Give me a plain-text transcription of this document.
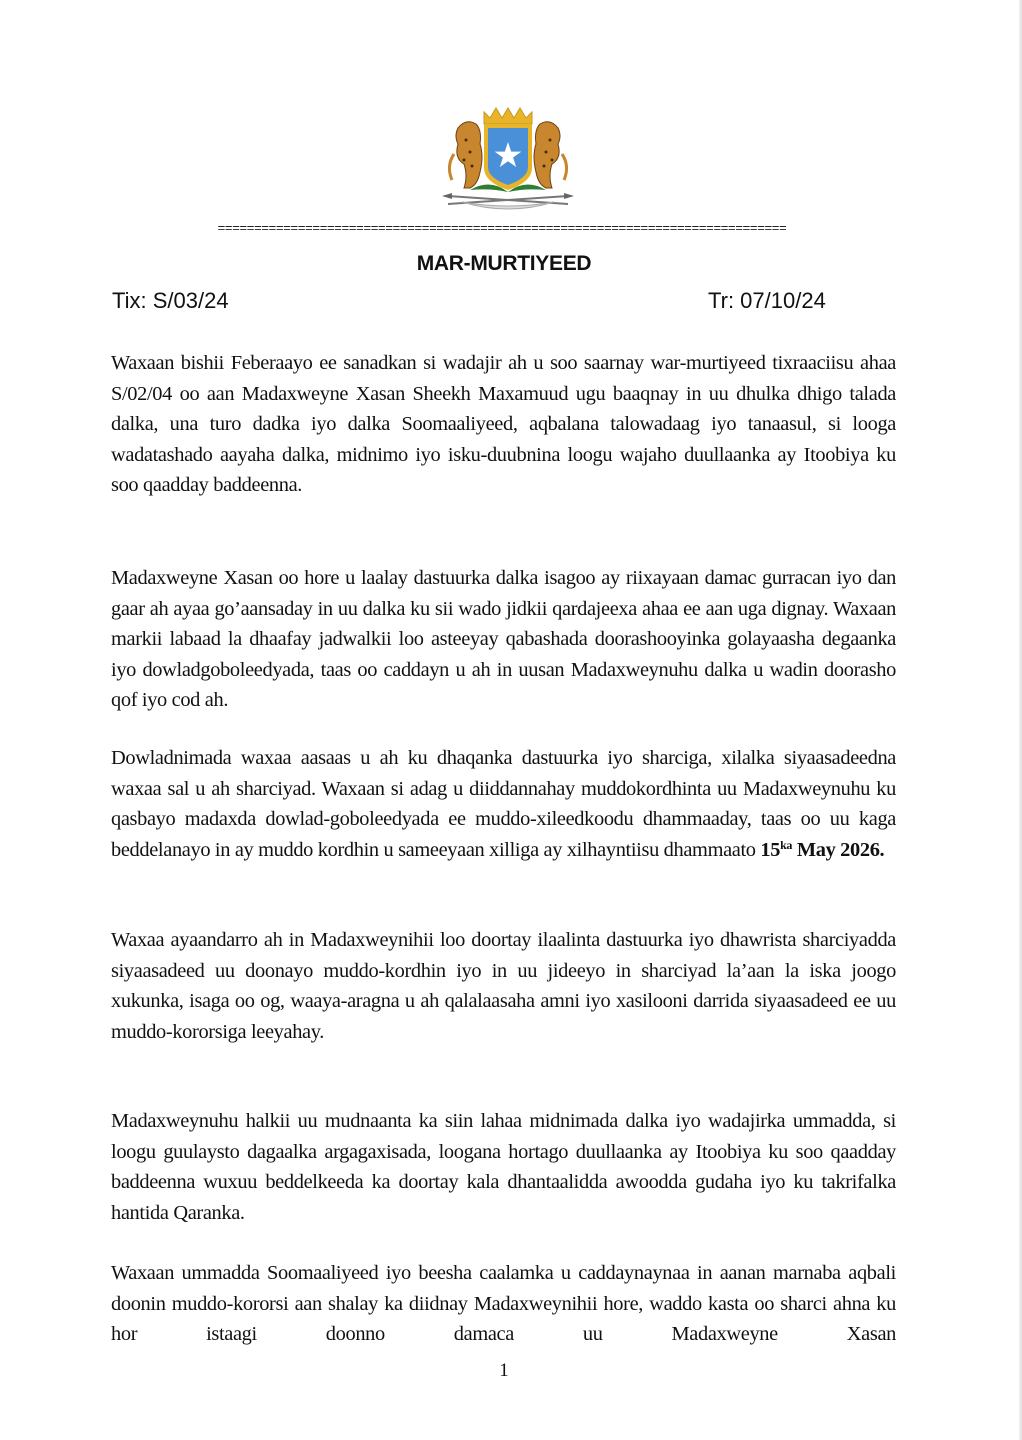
==============================================================================
MAR-MURTIYEED
Tix: S/03/24	Tr: 07/10/24

Waxaan bishii Feberaayo ee sanadkan si wadajir ah u soo saarnay war-murtiyeed tixraaciisu ahaa S/02/04 oo aan Madaxweyne Xasan Sheekh Maxamuud ugu baaqnay in uu dhulka dhigo talada dalka, una turo dadka iyo dalka Soomaaliyeed, aqbalana talowadaag iyo tanaasul, si looga wadatashado aayaha dalka, midnimo iyo isku-duubnina loogu wajaho duullaanka ay Itoobiya ku soo qaadday baddeenna.

Madaxweyne Xasan oo hore u laalay dastuurka dalka isagoo ay riixayaan damac gurracan iyo dan gaar ah ayaa go’aansaday in uu dalka ku sii wado jidkii qardajeexa ahaa ee aan uga dignay. Waxaan markii labaad la dhaafay jadwalkii loo asteeyay qabashada doorashooyinka golayaasha degaanka iyo dowladgoboleedyada, taas oo caddayn u ah in uusan Madaxweynuhu dalka u wadin doorasho qof iyo cod ah.

Dowladnimada waxaa aasaas u ah ku dhaqanka dastuurka iyo sharciga, xilalka siyaasadeedna waxaa sal u ah sharciyad. Waxaan si adag u diiddannahay muddokordhinta uu Madaxweynuhu ku qasbayo madaxda dowlad-goboleedyada ee muddo-xileedkoodu dhammaaday, taas oo uu kaga beddelanayo in ay muddo kordhin u sameeyaan xilliga ay xilhayntiisu dhammaato $15^{ka}$ May 2026.

Waxaa ayaandarro ah in Madaxweynihii loo doortay ilaalinta dastuurka iyo dhawrista sharciyadda siyaasadeed uu doonayo muddo-kordhin iyo in uu jideeyo in sharciyad la’aan la iska joogo xukunka, isaga oo og, waaya-aragna u ah qalalaasaha amni iyo xasilooni darrida siyaasadeed ee uu muddo-kororsiga leeyahay.

Madaxweynuhu halkii uu mudnaanta ka siin lahaa midnimada dalka iyo wadajirka ummadda, si loogu guulaysto dagaalka argagaxisada, loogana hortago duullaanka ay Itoobiya ku soo qaadday baddeenna wuxuu beddelkeeda ka doortay kala dhantaalidda awoodda gudaha iyo ku takrifalka hantida Qaranka.

Waxaan ummadda Soomaaliyeed iyo beesha caalamka u caddaynaynaa in aanan marnaba aqbali doonin muddo-kororsi aan shalay ka diidnay Madaxweynihii hore, waddo kasta oo sharci ahna ku hor istaagi doonno damaca uu Madaxweyne Xasan

1
